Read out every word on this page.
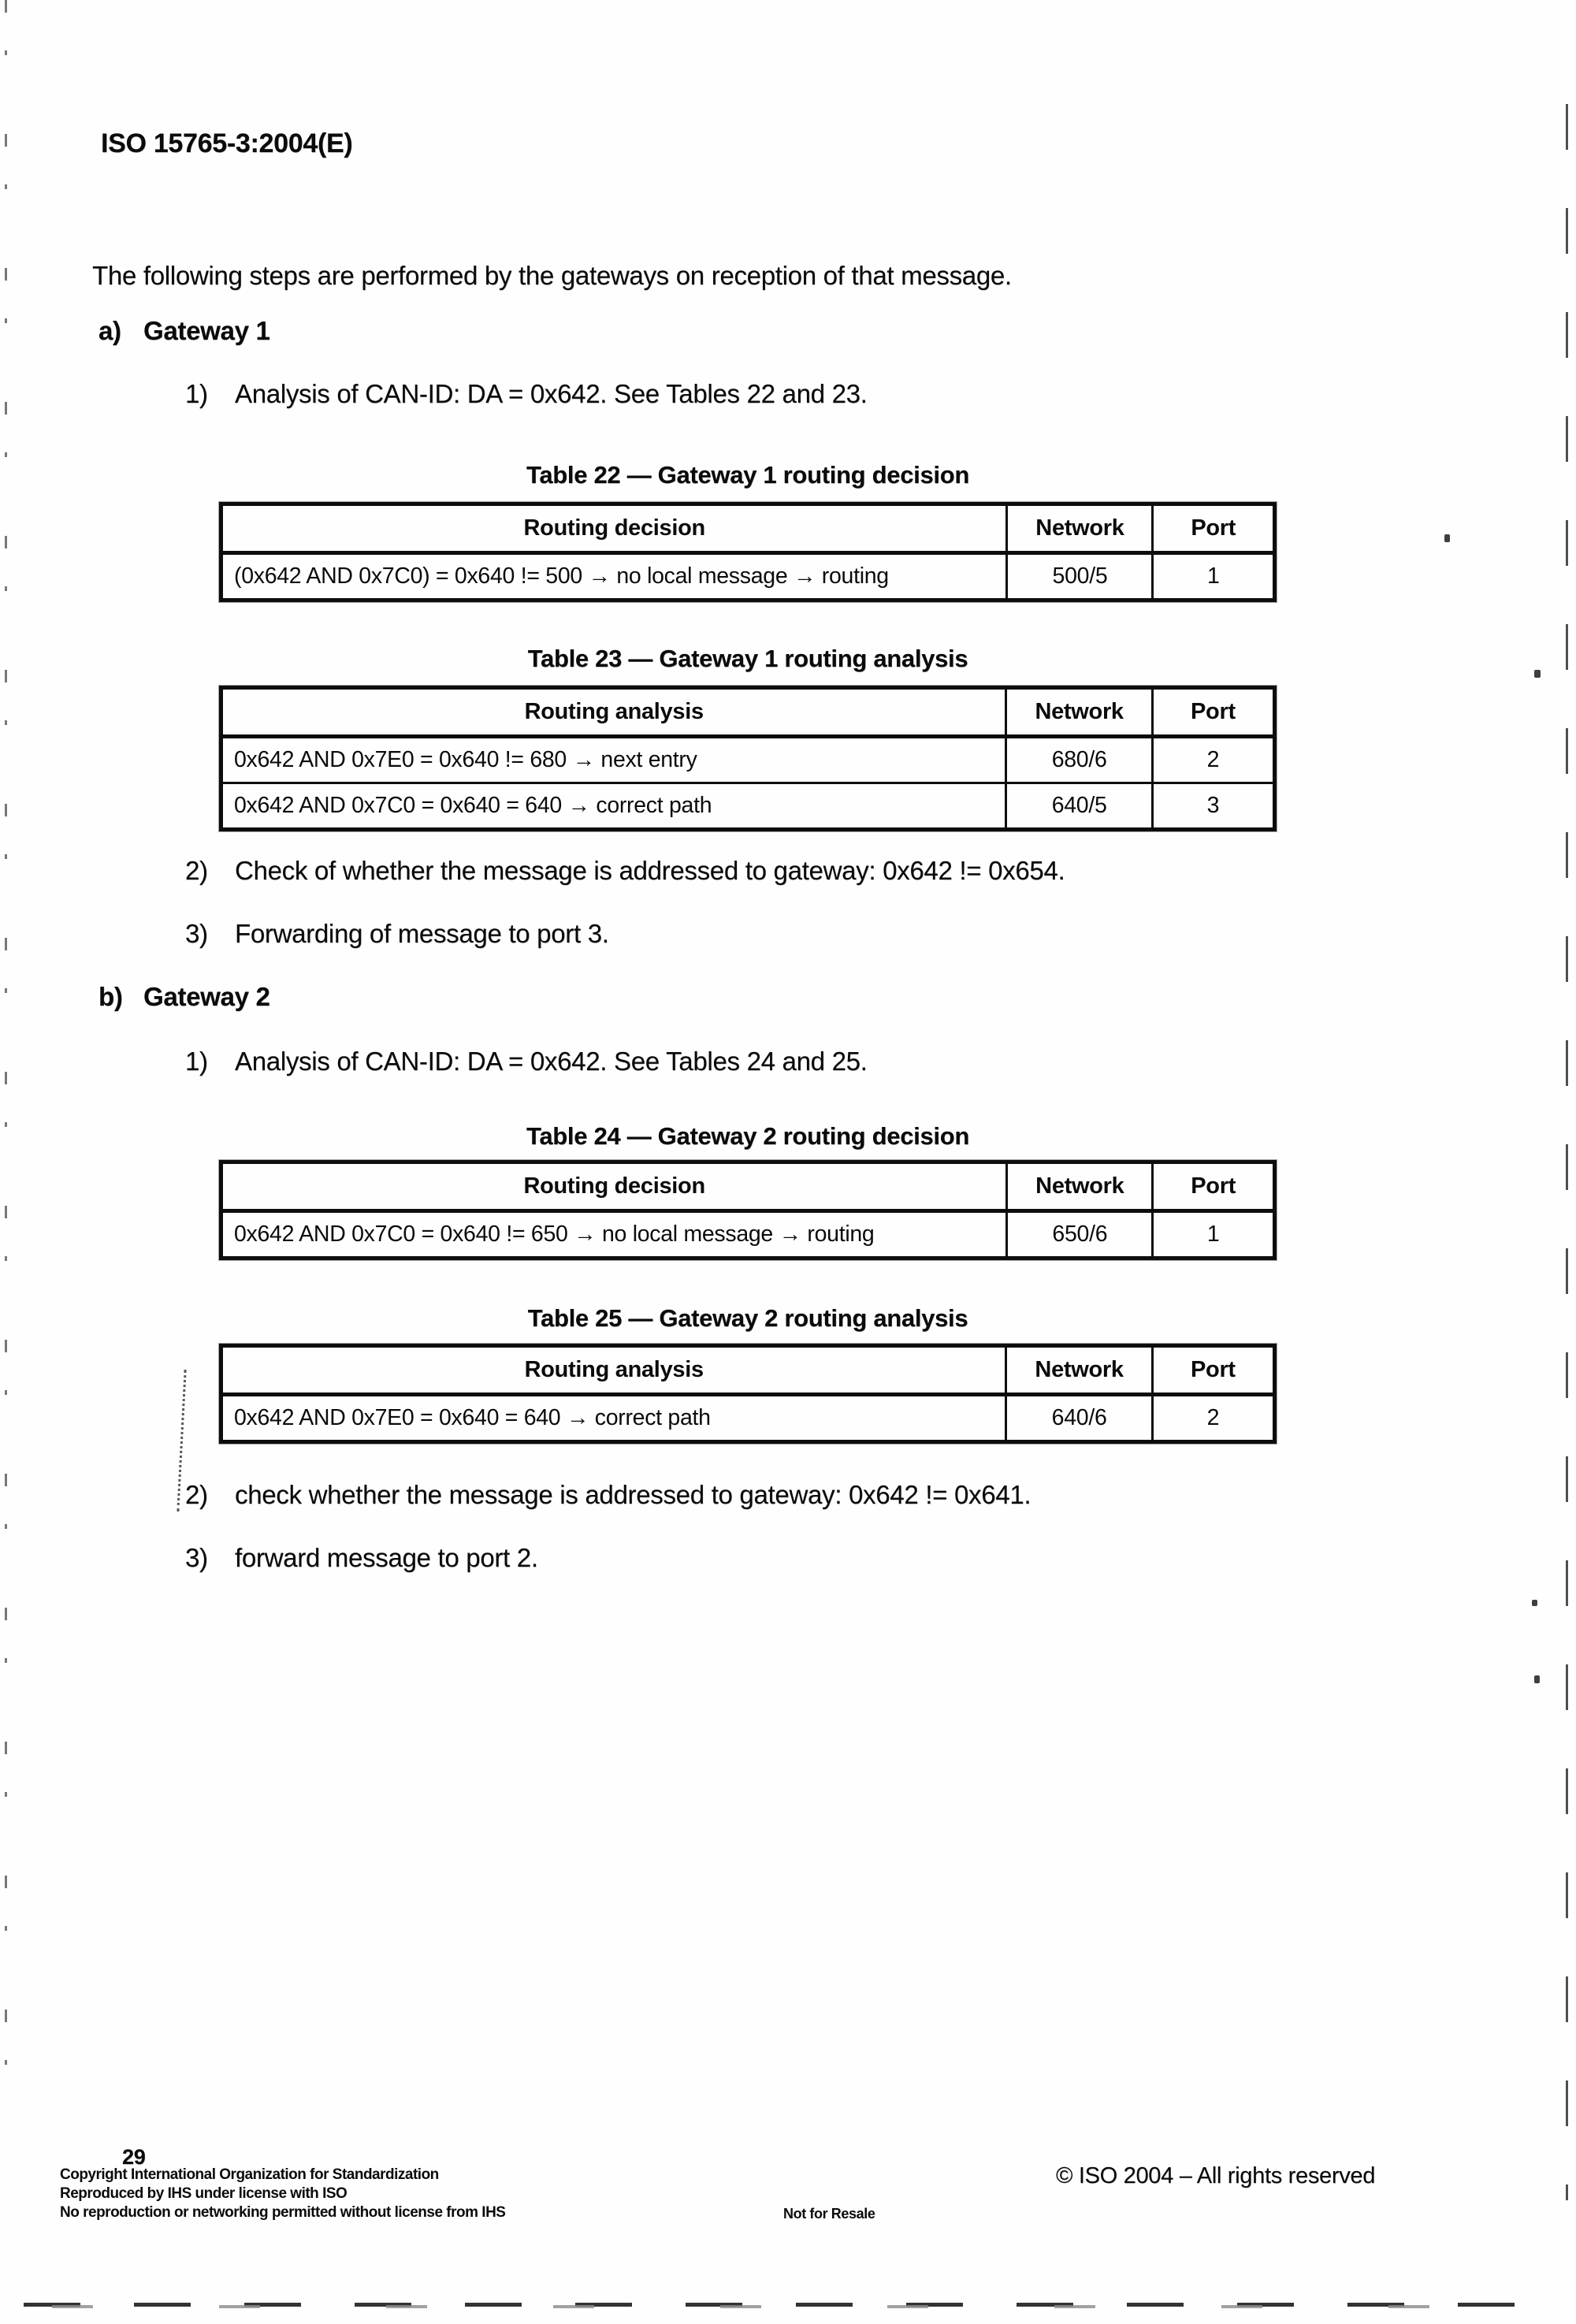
ISO 15765-3:2004(E)
The following steps are performed by the gateways on reception of that message.
a) Gateway 1
1) Analysis of CAN-ID: DA = 0x642. See Tables 22 and 23.
Table 22 — Gateway 1 routing decision
Routing decision	Network	Port
(0x642 AND 0x7C0) = 0x640 != 500 → no local message → routing	500/5	1
Table 23 — Gateway 1 routing analysis
Routing analysis	Network	Port
0x642 AND 0x7E0 = 0x640 != 680 → next entry	680/6	2
0x642 AND 0x7C0 = 0x640 = 640 → correct path	640/5	3
2) Check of whether the message is addressed to gateway: 0x642 != 0x654.
3) Forwarding of message to port 3.
b) Gateway 2
1) Analysis of CAN-ID: DA = 0x642. See Tables 24 and 25.
Table 24 — Gateway 2 routing decision
Routing decision	Network	Port
0x642 AND 0x7C0 = 0x640 != 650 → no local message → routing	650/6	1
Table 25 — Gateway 2 routing analysis
Routing analysis	Network	Port
0x642 AND 0x7E0 = 0x640 = 640 → correct path	640/6	2
2) check whether the message is addressed to gateway: 0x642 != 0x641.
3) forward message to port 2.
29
Copyright International Organization for Standardization
Reproduced by IHS under license with ISO
No reproduction or networking permitted without license from IHS	Not for Resale
© ISO 2004 – All rights reserved
